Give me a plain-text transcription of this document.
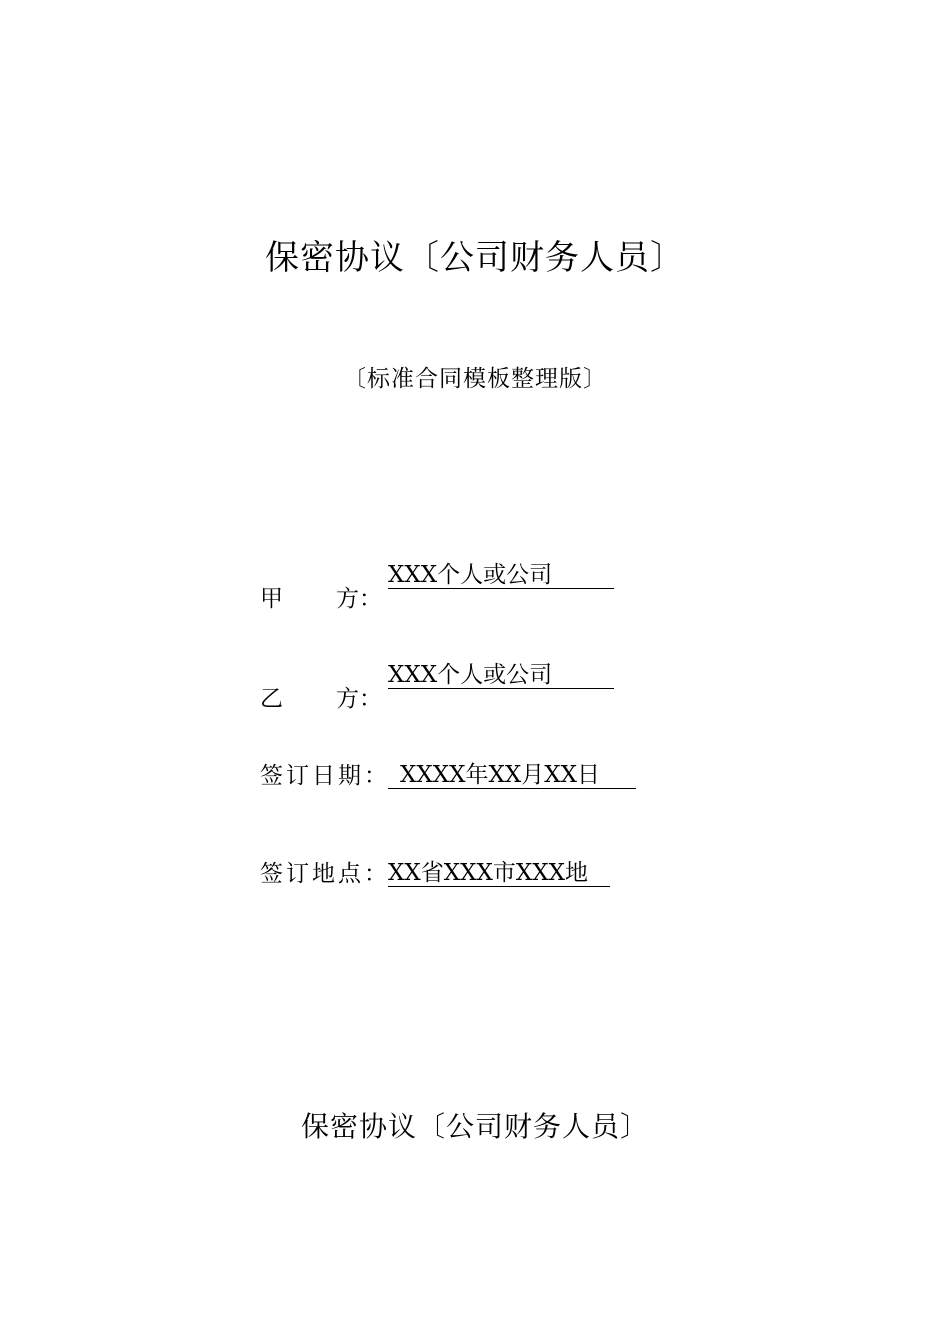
保密协议〔公司财务人员〕
〔标准合同模板整理版〕
甲 方：
XXX个人或公司
乙 方：
XXX个人或公司
签订日期： XXXX年XX月XX日
签订地点：XX省XXX市XXX地
保密协议〔公司财务人员〕
